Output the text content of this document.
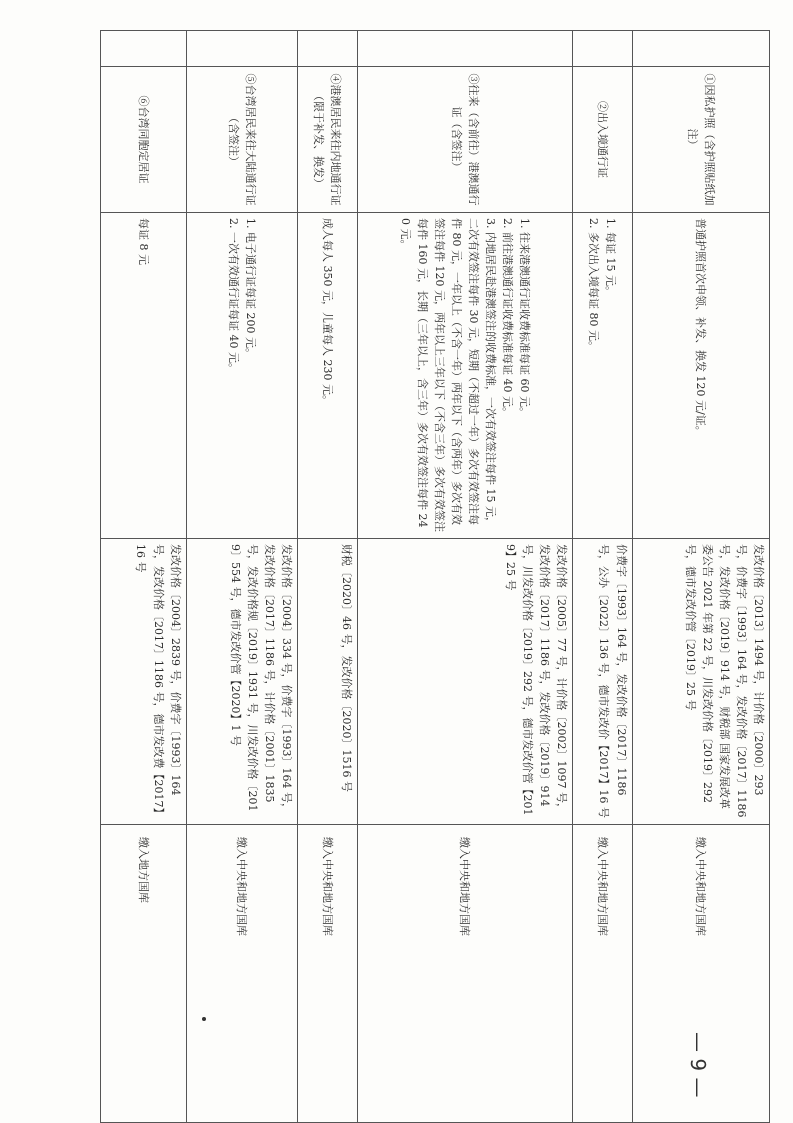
	①因私护照（含护照贴纸加注）	普通护照首次申领、补发、换发 120 元/证。	发改价格〔2013〕1494 号，计价格〔2000〕293 号，价费字〔1993〕164 号，发改价格〔2017〕1186 号，发改价格〔2019〕914 号，财税部 国家发展改革委公告 2021 年第 22 号，川发改价格〔2019〕292 号，德市发改价管〔2019〕25 号	缴入中央和地方国库

	②出入境通行证	1. 每证 15 元。
2. 多次出入境每证 80 元。	价费字〔1993〕164 号，发改价格〔2017〕1186 号，公办〔2022〕136 号，德市发改价【2017】16 号	缴入中央和地方国库

	③往来（含前往）港澳通行证（含签注）	1. 往来港澳通行证收费标准每证 60 元。
2. 前往港澳通行证收费标准每证 40 元。
3. 内地居民赴港澳签注的收费标准，一次有效签注每件 15 元，二次有效签注每件 30 元，短期（不超过一年）多次有效签注每件 80 元，一年以上（不含一年）两年以下（含两年）多次有效签注每件 120 元，两年以上三年以下（不含三年）多次有效签注每件 160 元，长期（三年以上，含三年）多次有效签注每件 240 元。	发改价格〔2005〕77 号，计价格〔2002〕1097 号，发改价格〔2017〕1186 号，发改价格〔2019〕914 号，川发改价格〔2019〕292 号，德市发改价管【2019】25 号	缴入中央和地方国库

	④港澳居民来往内地通行证（限于补发、换发）	成人每人 350 元，儿童每人 230 元。	财税〔2020〕46 号，发改价格〔2020〕1516 号	缴入中央和地方国库

	⑤台湾居民来往大陆通行证（含签注）	1. 电子通行证每证 200 元。
2. 一次有效通行证每证 40 元。	发改价格〔2004〕334 号，价费字〔1993〕164 号，发改价格〔2017〕1186 号，计价格〔2001〕1835 号，发改价格规〔2019〕1931 号，川发改价格〔2019〕554 号，德市发改价管【2020】1 号	缴入中央和地方国库

	⑥台湾同胞定居证	每证 8 元	发改价格〔2004〕2839 号，价费字〔1993〕164 号，发改价格〔2017〕1186 号，德市发改费【2017】16 号	缴入地方国库
— 9 —
